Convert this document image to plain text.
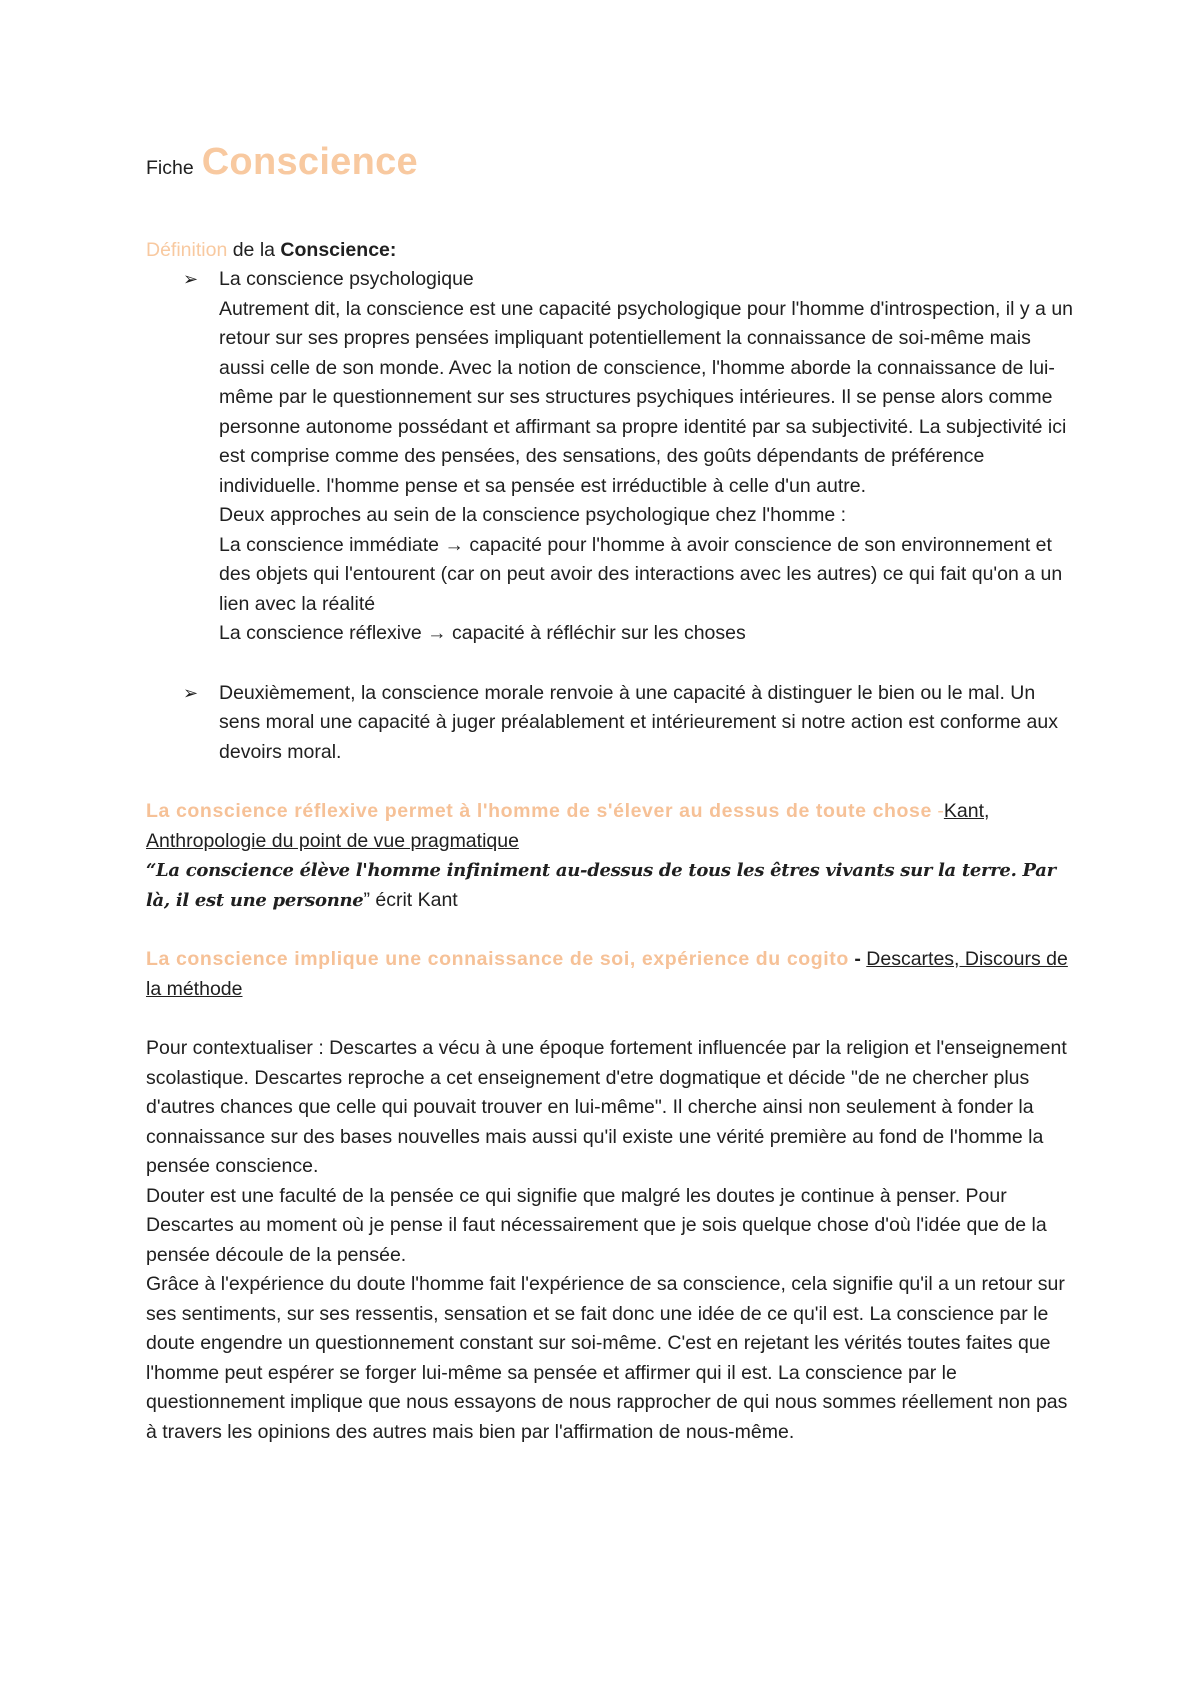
Fiche Conscience

Définition de la Conscience:

➢ La conscience psychologique

Autrement dit, la conscience est une capacité psychologique pour l'homme d'introspection, il y a un retour sur ses propres pensées impliquant potentiellement la connaissance de soi-même mais aussi celle de son monde. Avec la notion de conscience, l'homme aborde la connaissance de lui-même par le questionnement sur ses structures psychiques intérieures. Il se pense alors comme personne autonome possédant et affirmant sa propre identité par sa subjectivité. La subjectivité ici est comprise comme des pensées, des sensations, des goûts dépendants de préférence individuelle. l'homme pense et sa pensée est irréductible à celle d'un autre.

Deux approches au sein de la conscience psychologique chez l'homme :

La conscience immédiate → capacité pour l'homme à avoir conscience de son environnement et des objets qui l'entourent (car on peut avoir des interactions avec les autres) ce qui fait qu'on a un lien avec la réalité

La conscience réflexive → capacité à réfléchir sur les choses

➢ Deuxièmement, la conscience morale renvoie à une capacité à distinguer le bien ou le mal. Un sens moral une capacité à juger préalablement et intérieurement si notre action est conforme aux devoirs moral.

La conscience réflexive permet à l'homme de s'élever au dessus de toute chose -Kant, Anthropologie du point de vue pragmatique

“La conscience élève l'homme infiniment au-dessus de tous les êtres vivants sur la terre. Par là, il est une personne” écrit Kant

La conscience implique une connaissance de soi, expérience du cogito - Descartes, Discours de la méthode

Pour contextualiser : Descartes a vécu à une époque fortement influencée par la religion et l'enseignement scolastique. Descartes reproche a cet enseignement d'etre dogmatique et décide "de ne chercher plus d'autres chances que celle qui pouvait trouver en lui-même". Il cherche ainsi non seulement à fonder la connaissance sur des bases nouvelles mais aussi qu'il existe une vérité première au fond de l'homme la pensée conscience.

Douter est une faculté de la pensée ce qui signifie que malgré les doutes je continue à penser. Pour Descartes au moment où je pense il faut nécessairement que je sois quelque chose d'où l'idée que de la pensée découle de la pensée.

Grâce à l'expérience du doute l'homme fait l'expérience de sa conscience, cela signifie qu'il a un retour sur ses sentiments, sur ses ressentis, sensation et se fait donc une idée de ce qu'il est. La conscience par le doute engendre un questionnement constant sur soi-même. C'est en rejetant les vérités toutes faites que l'homme peut espérer se forger lui-même sa pensée et affirmer qui il est. La conscience par le questionnement implique que nous essayons de nous rapprocher de qui nous sommes réellement non pas à travers les opinions des autres mais bien par l'affirmation de nous-même.
